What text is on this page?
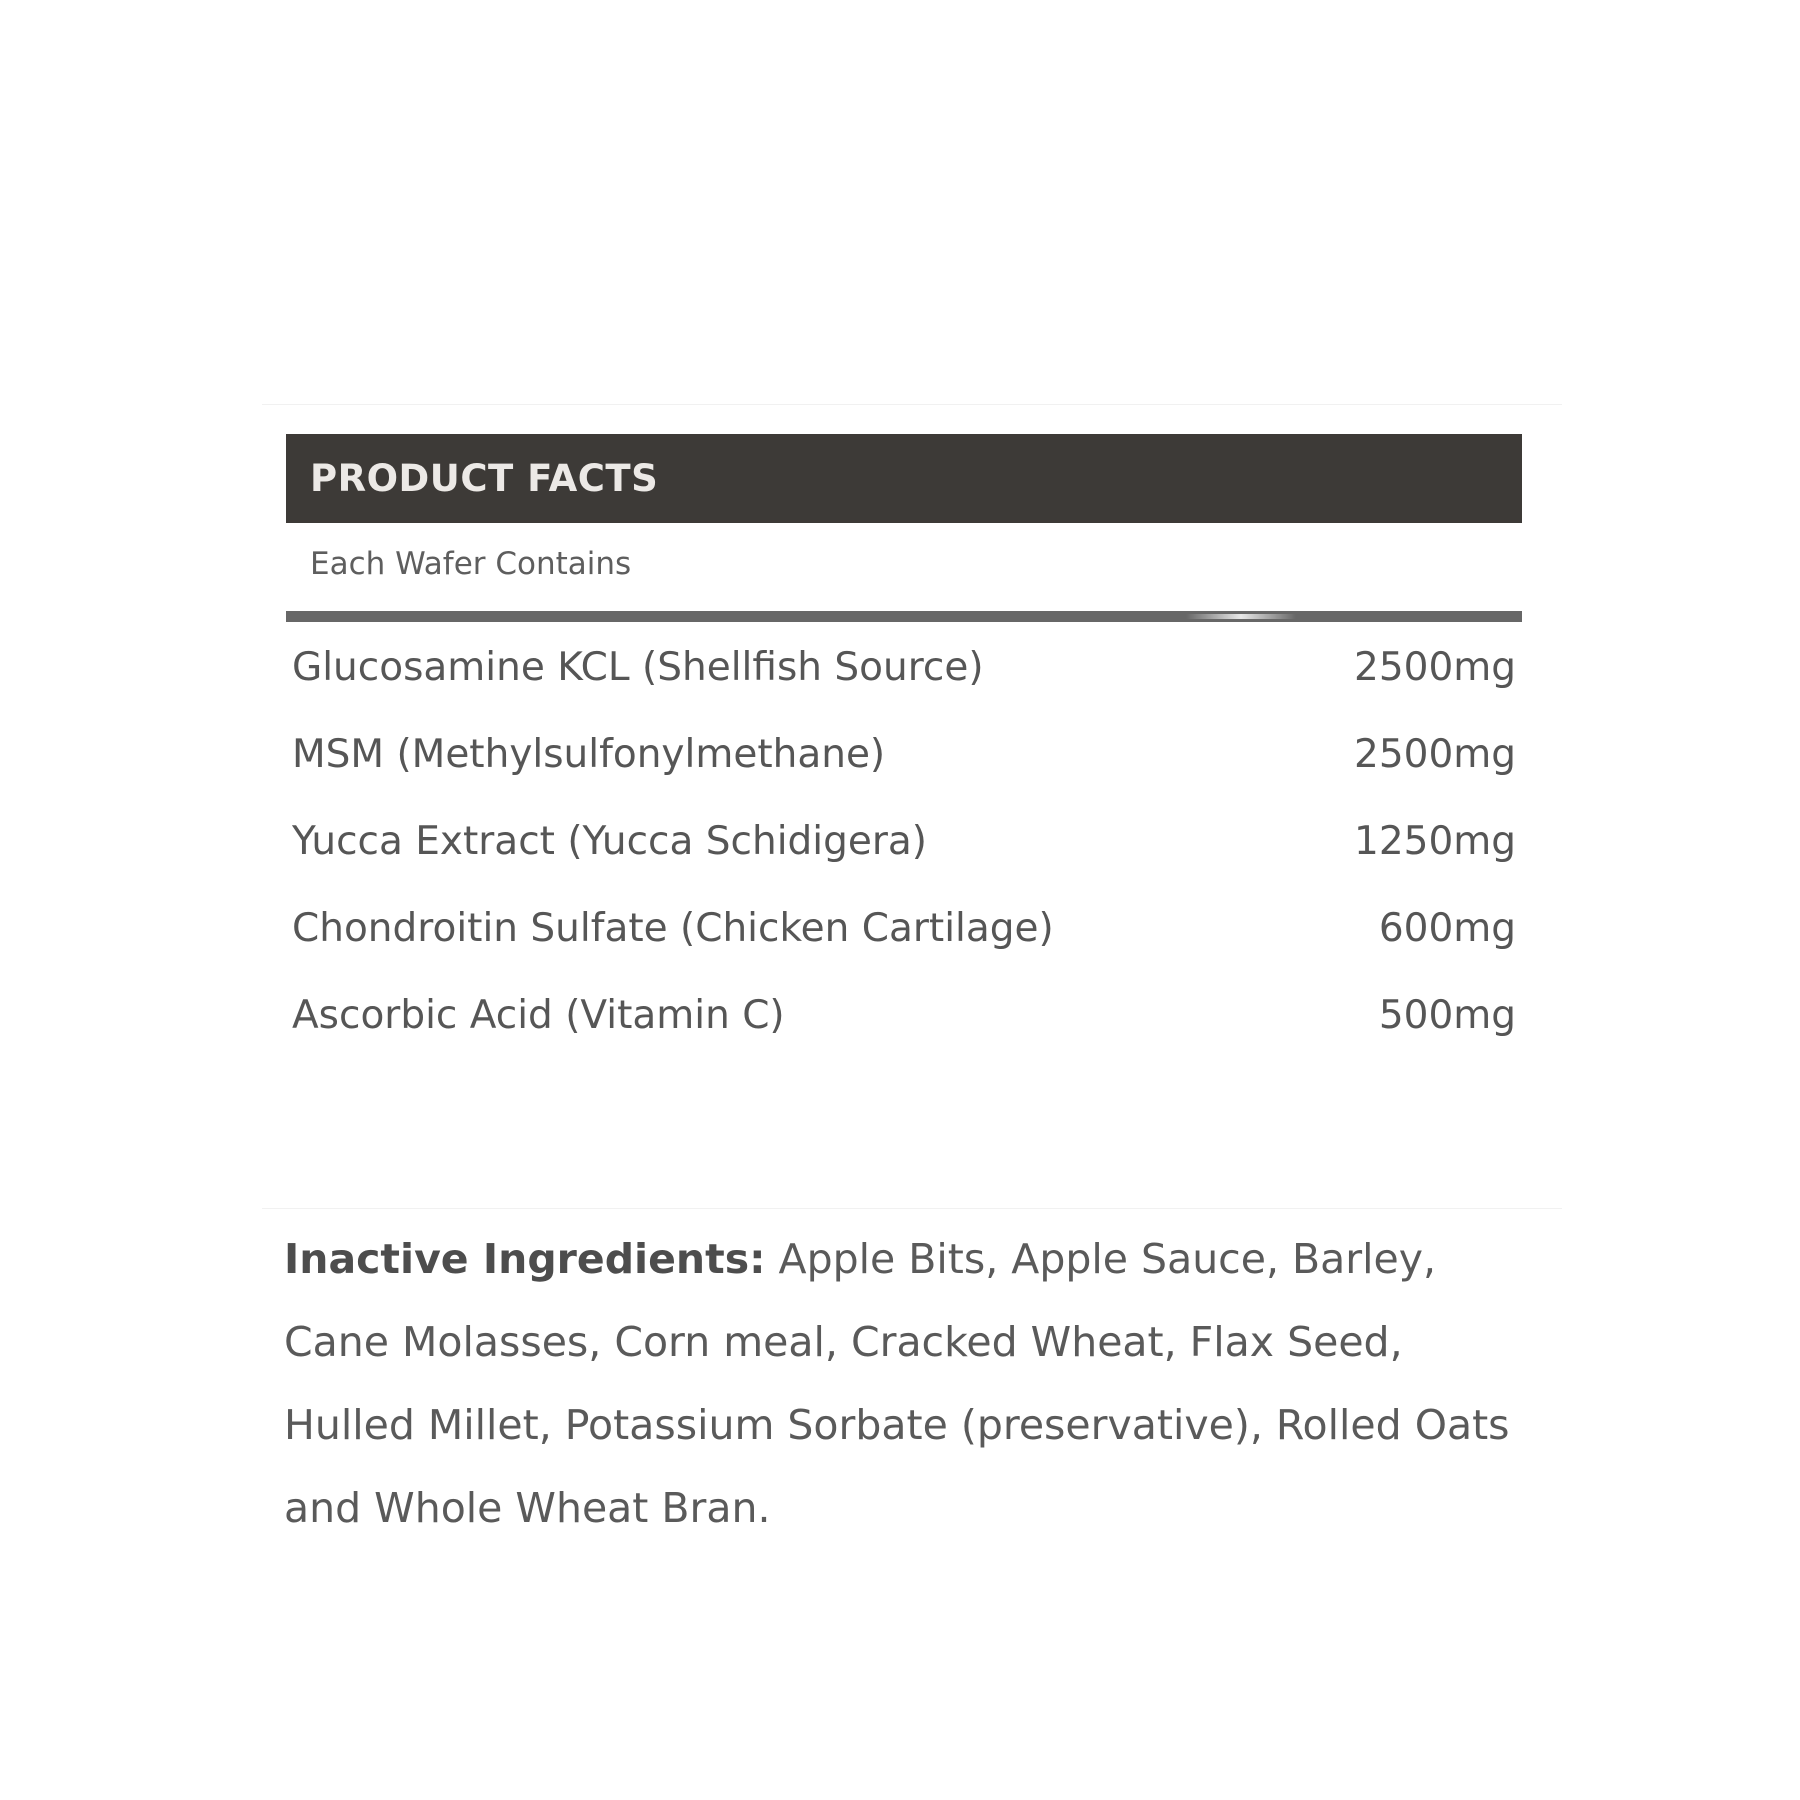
PRODUCT FACTS
Each Wafer Contains
Glucosamine KCL (Shellfish Source)	2500mg
MSM (Methylsulfonylmethane)	2500mg
Yucca Extract (Yucca Schidigera)	1250mg
Chondroitin Sulfate (Chicken Cartilage)	600mg
Ascorbic Acid (Vitamin C)	500mg
Inactive Ingredients: Apple Bits, Apple Sauce, Barley, Cane Molasses, Corn meal, Cracked Wheat, Flax Seed, Hulled Millet, Potassium Sorbate (preservative), Rolled Oats and Whole Wheat Bran.
